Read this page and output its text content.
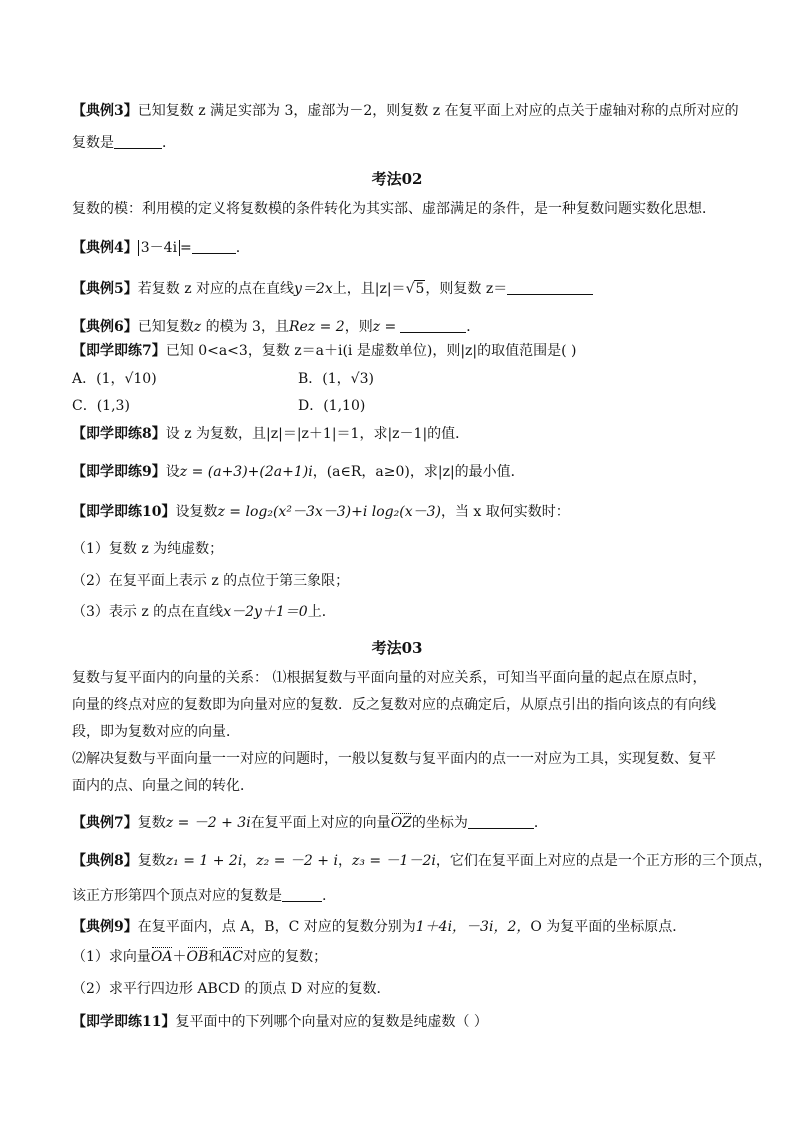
【典例3】已知复数 z 满足实部为 3，虚部为－2，则复数 z 在复平面上对应的点关于虚轴对称的点所对应的
复数是	．
考法02
复数的模：利用模的定义将复数模的条件转化为其实部、虚部满足的条件，是一种复数问题实数化思想．
【典例4】 3－4i =	.
【典例5】若复数 z 对应的点在直线y＝2x上，且|z|＝√5，则复数 z＝
【典例6】已知复数z 的模为 3，且Rez = 2，则z =	．
【即学即练7】已知 0<a<3，复数 z＝a＋i(i 是虚数单位)，则|z|的取值范围是( )
A．(1，√10)	B．(1，√3)
C．(1,3)	D．(1,10)
【即学即练8】设 z 为复数，且|z|＝|z＋1|＝1，求|z－1|的值．
【即学即练9】设z = (a+3)+(2a+1)i，(a∈R，a≥0)，求|z|的最小值．
【即学即练10】设复数z = log₂(x²－3x－3)+i log₂(x－3)，当 x 取何实数时：
（1）复数 z 为纯虚数；
（2）在复平面上表示 z 的点位于第三象限；
（3）表示 z 的点在直线x－2y＋1＝0上．
考法03
复数与复平面内的向量的关系： ⑴根据复数与平面向量的对应关系，可知当平面向量的起点在原点时，
向量的终点对应的复数即为向量对应的复数．反之复数对应的点确定后，从原点引出的指向该点的有向线
段，即为复数对应的向量．
⑵解决复数与平面向量一一对应的问题时，一般以复数与复平面内的点一一对应为工具，实现复数、复平
面内的点、向量之间的转化．
【典例7】复数z = －2 + 3i在复平面上对应的向量OZ的坐标为	．
【典例8】复数z₁ = 1 + 2i，z₂ = －2 + i，z₃ = －1－2i，它们在复平面上对应的点是一个正方形的三个顶点，
该正方形第四个顶点对应的复数是	.
【典例9】在复平面内，点 A，B，C 对应的复数分别为1＋4i，－3i，2，O 为复平面的坐标原点．
（1）求向量OA＋OB和AC对应的复数；
（2）求平行四边形 ABCD 的顶点 D 对应的复数．
【即学即练11】复平面中的下列哪个向量对应的复数是纯虚数（ ）
